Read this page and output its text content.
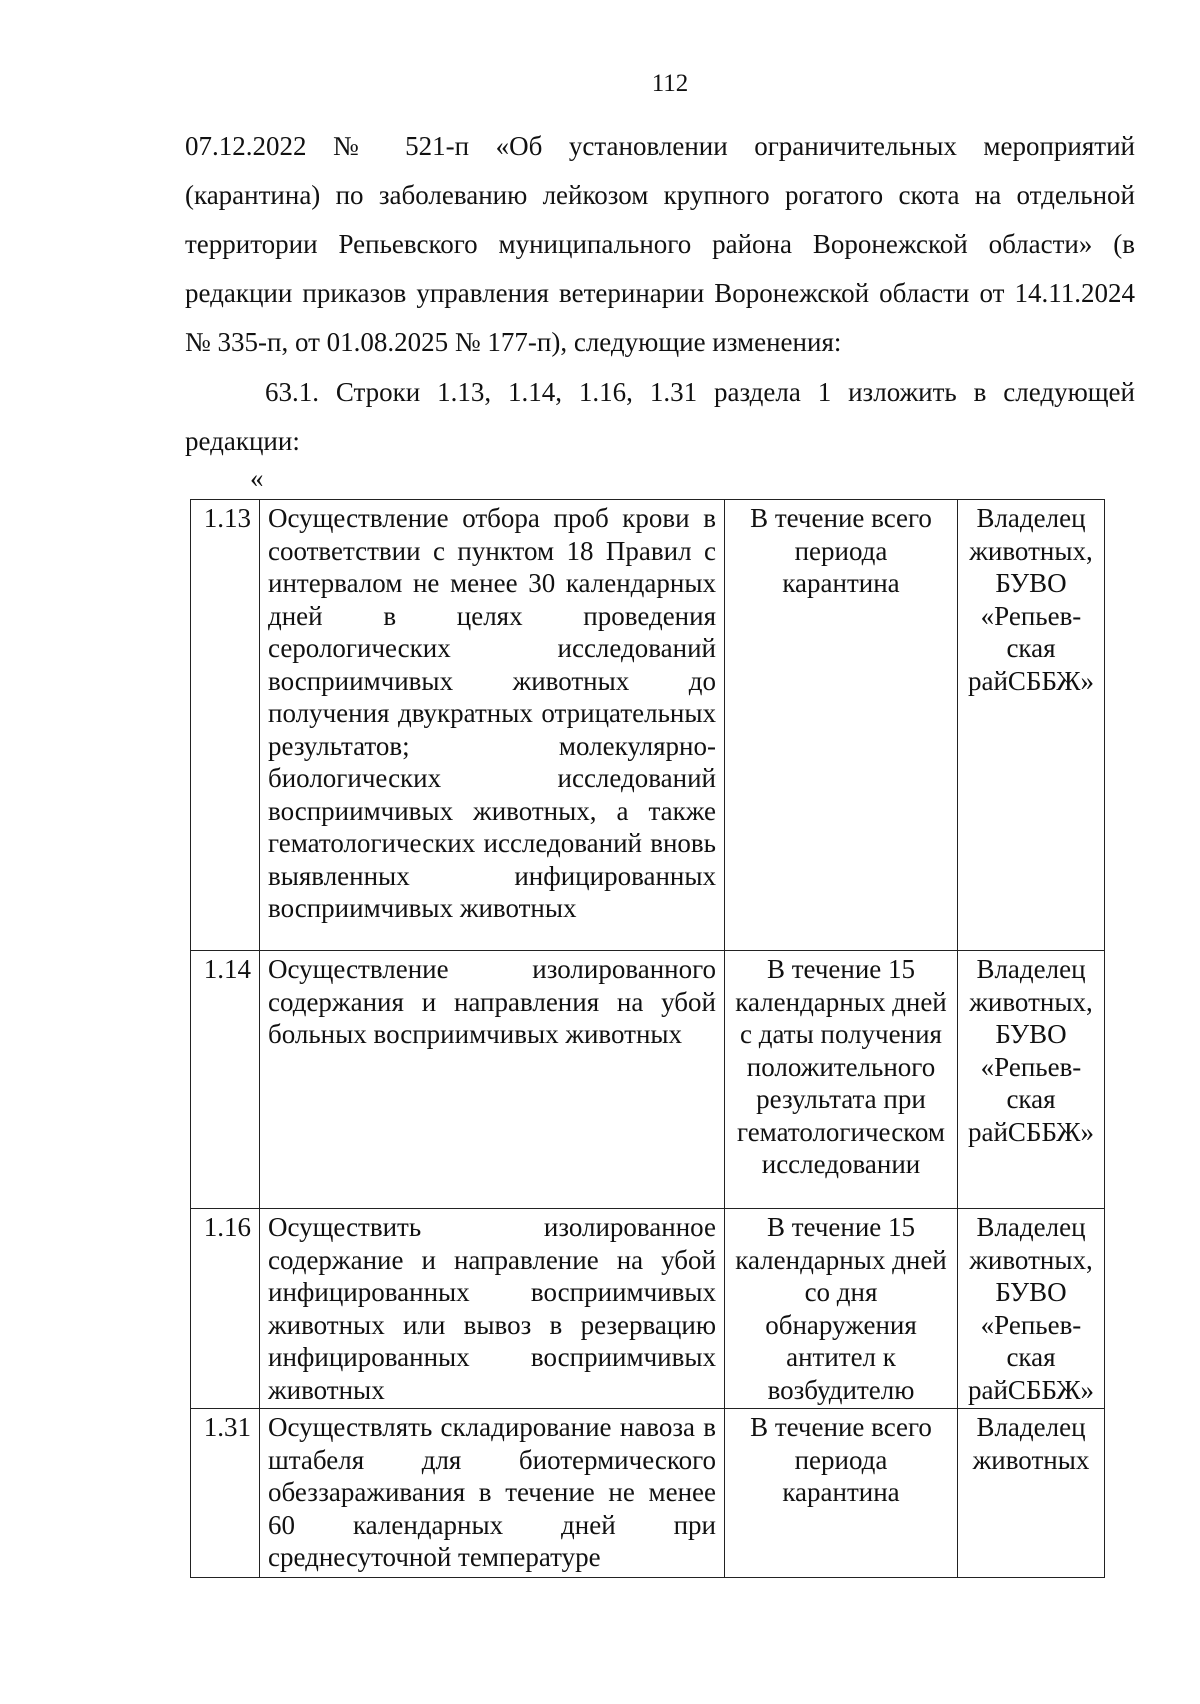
112
07.12.2022 № 521-п «Об установлении ограничительных мероприятий (карантина) по заболеванию лейкозом крупного рогатого скота на отдельной территории Репьевского муниципального района Воронежской области» (в редакции приказов управления ветеринарии Воронежской области от 14.11.2024 № 335-п, от 01.08.2025 № 177-п), следующие изменения:
63.1. Строки 1.13, 1.14, 1.16, 1.31 раздела 1 изложить в следующей редакции:
«
1.13	Осуществление отбора проб крови в соответствии с пунктом 18 Правил с интервалом не менее 30 календарных дней в целях проведения серологических исследований восприимчивых животных до получения двукратных отрицательных результатов; молекулярно-биологических исследований восприимчивых животных, а также гематологических исследований вновь выявленных инфицированных восприимчивых животных	В течение всего периода карантина	Владелец животных, БУВО «Репьев-ская райСББЖ»
1.14	Осуществление изолированного содержания и направления на убой больных восприимчивых животных	В течение 15 календарных дней с даты получения положительного результата при гематологическом исследовании	Владелец животных, БУВО «Репьев-ская райСББЖ»
1.16	Осуществить изолированное содержание и направление на убой инфицированных восприимчивых животных или вывоз в резервацию инфицированных восприимчивых животных	В течение 15 календарных дней со дня обнаружения антител к возбудителю	Владелец животных, БУВО «Репьев-ская райСББЖ»
1.31	Осуществлять складирование навоза в штабеля для биотермического обеззараживания в течение не менее 60 календарных дней при среднесуточной температуре	В течение всего периода карантина	Владелец животных
